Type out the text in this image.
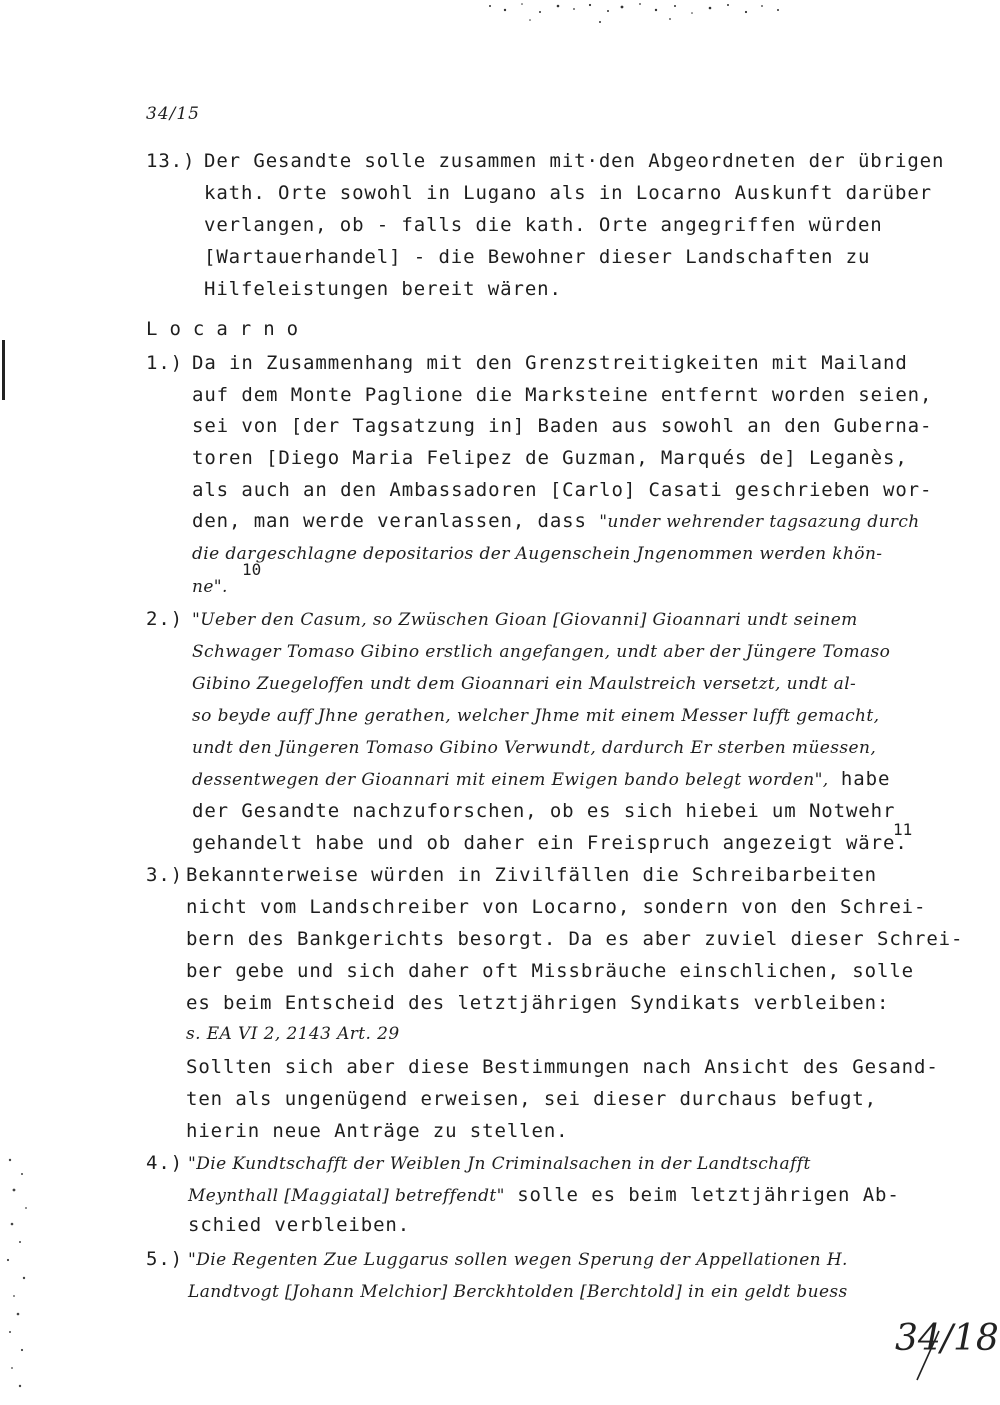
34/15
Locarno
13.) Der Gesandte solle zusammen mit·den Abgeordneten der übrigen
kath. Orte sowohl in Lugano als in Locarno Auskunft darüber
verlangen, ob - falls die kath. Orte angegriffen würden
[Wartauerhandel] - die Bewohner dieser Landschaften zu
Hilfeleistungen bereit wären.
1.) Da in Zusammenhang mit den Grenzstreitigkeiten mit Mailand
auf dem Monte Paglione die Marksteine entfernt worden seien,
sei von [der Tagsatzung in] Baden aus sowohl an den Guberna-
toren [Diego Maria Felipez de Guzman, Marqués de] Leganès,
als auch an den Ambassadoren [Carlo] Casati geschrieben wor-
den, man werde veranlassen, dass "under wehrender tagsazung durch
die dargeschlagne depositarios der Augenschein Jngenommen werden khön-
ne".
10
2.) "Ueber den Casum, so Zwüschen Gioan [Giovanni] Gioannari undt seinem
Schwager Tomaso Gibino erstlich angefangen, undt aber der Jüngere Tomaso
Gibino Zuegeloffen undt dem Gioannari ein Maulstreich versetzt, undt al-
so beyde auff Jhne gerathen, welcher Jhme mit einem Messer lufft gemacht,
undt den Jüngeren Tomaso Gibino Verwundt, dardurch Er sterben müessen,
dessentwegen der Gioannari mit einem Ewigen bando belegt worden", habe
der Gesandte nachzuforschen, ob es sich hiebei um Notwehr
gehandelt habe und ob daher ein Freispruch angezeigt wäre.
11
3.) Bekannterweise würden in Zivilfällen die Schreibarbeiten
nicht vom Landschreiber von Locarno, sondern von den Schrei-
bern des Bankgerichts besorgt. Da es aber zuviel dieser Schrei-
ber gebe und sich daher oft Missbräuche einschlichen, solle
es beim Entscheid des letztjährigen Syndikats verbleiben:
s. EA VI 2, 2143 Art. 29
Sollten sich aber diese Bestimmungen nach Ansicht des Gesand-
ten als ungenügend erweisen, sei dieser durchaus befugt,
hierin neue Anträge zu stellen.
4.) "Die Kundtschafft der Weiblen Jn Criminalsachen in der Landtschafft
Meynthall [Maggiatal] betreffendt" solle es beim letztjährigen Ab-
schied verbleiben.
5.) "Die Regenten Zue Luggarus sollen wegen Sperung der Appellationen H.
Landtvogt [Johann Melchior] Berckhtolden [Berchtold] in ein geldt buess
34/18
